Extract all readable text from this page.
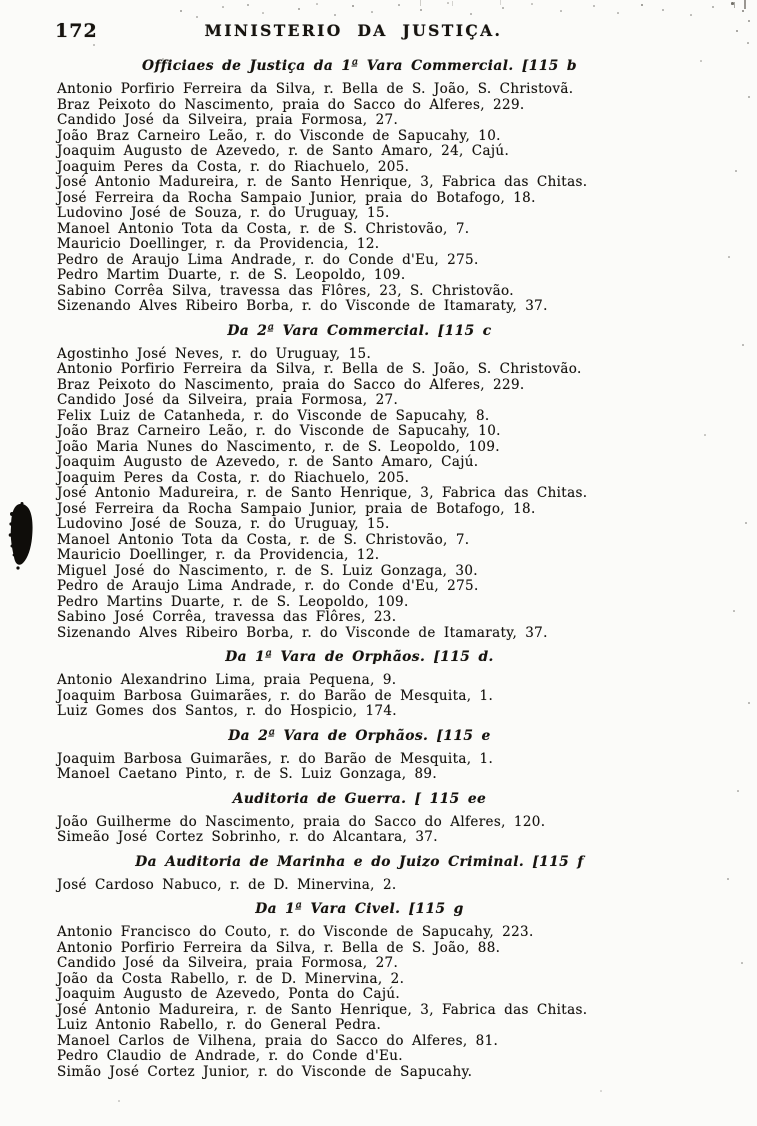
172	MINISTERIO DA JUSTIÇA.
Officiaes de Justiça da 1ª Vara Commercial. [115 b
Antonio Porfirio Ferreira da Silva, r. Bella de S. João, S. Christovã.
Braz Peixoto do Nascimento, praia do Sacco do Alferes, 229.
Candido José da Silveira, praia Formosa, 27.
João Braz Carneiro Leão, r. do Visconde de Sapucahy, 10.
Joaquim Augusto de Azevedo, r. de Santo Amaro, 24, Cajú.
Joaquim Peres da Costa, r. do Riachuelo, 205.
José Antonio Madureira, r. de Santo Henrique, 3, Fabrica das Chitas.
José Ferreira da Rocha Sampaio Junior, praia do Botafogo, 18.
Ludovino José de Souza, r. do Uruguay, 15.
Manoel Antonio Tota da Costa, r. de S. Christovão, 7.
Mauricio Doellinger, r. da Providencia, 12.
Pedro de Araujo Lima Andrade, r. do Conde d'Eu, 275.
Pedro Martim Duarte, r. de S. Leopoldo, 109.
Sabino Corrêa Silva, travessa das Flôres, 23, S. Christovão.
Sizenando Alves Ribeiro Borba, r. do Visconde de Itamaraty, 37.
Da 2ª Vara Commercial. [115 c
Agostinho José Neves, r. do Uruguay, 15.
Antonio Porfirio Ferreira da Silva, r. Bella de S. João, S. Christovão.
Braz Peixoto do Nascimento, praia do Sacco do Alferes, 229.
Candido José da Silveira, praia Formosa, 27.
Felix Luiz de Catanheda, r. do Visconde de Sapucahy, 8.
João Braz Carneiro Leão, r. do Visconde de Sapucahy, 10.
João Maria Nunes do Nascimento, r. de S. Leopoldo, 109.
Joaquim Augusto de Azevedo, r. de Santo Amaro, Cajú.
Joaquim Peres da Costa, r. do Riachuelo, 205.
José Antonio Madureira, r. de Santo Henrique, 3, Fabrica das Chitas.
José Ferreira da Rocha Sampaio Junior, praia de Botafogo, 18.
Ludovino José de Souza, r. do Uruguay, 15.
Manoel Antonio Tota da Costa, r. de S. Christovão, 7.
Mauricio Doellinger, r. da Providencia, 12.
Miguel José do Nascimento, r. de S. Luiz Gonzaga, 30.
Pedro de Araujo Lima Andrade, r. do Conde d'Eu, 275.
Pedro Martins Duarte, r. de S. Leopoldo, 109.
Sabino José Corrêa, travessa das Flôres, 23.
Sizenando Alves Ribeiro Borba, r. do Visconde de Itamaraty, 37.
Da 1ª Vara de Orphãos. [115 d.
Antonio Alexandrino Lima, praia Pequena, 9.
Joaquim Barbosa Guimarães, r. do Barão de Mesquita, 1.
Luiz Gomes dos Santos, r. do Hospicio, 174.
Da 2ª Vara de Orphãos. [115 e
Joaquim Barbosa Guimarães, r. do Barão de Mesquita, 1.
Manoel Caetano Pinto, r. de S. Luiz Gonzaga, 89.
Auditoria de Guerra. [ 115 ee
João Guilherme do Nascimento, praia do Sacco do Alferes, 120.
Simeão José Cortez Sobrinho, r. do Alcantara, 37.
Da Auditoria de Marinha e do Juizo Criminal. [115 f
José Cardoso Nabuco, r. de D. Minervina, 2.
Da 1ª Vara Civel. [115 g
Antonio Francisco do Couto, r. do Visconde de Sapucahy, 223.
Antonio Porfirio Ferreira da Silva, r. Bella de S. João, 88.
Candido José da Silveira, praia Formosa, 27.
João da Costa Rabello, r. de D. Minervina, 2.
Joaquim Augusto de Azevedo, Ponta do Cajú.
José Antonio Madureira, r. de Santo Henrique, 3, Fabrica das Chitas.
Luiz Antonio Rabello, r. do General Pedra.
Manoel Carlos de Vilhena, praia do Sacco do Alferes, 81.
Pedro Claudio de Andrade, r. do Conde d'Eu.
Simão José Cortez Junior, r. do Visconde de Sapucahy.
